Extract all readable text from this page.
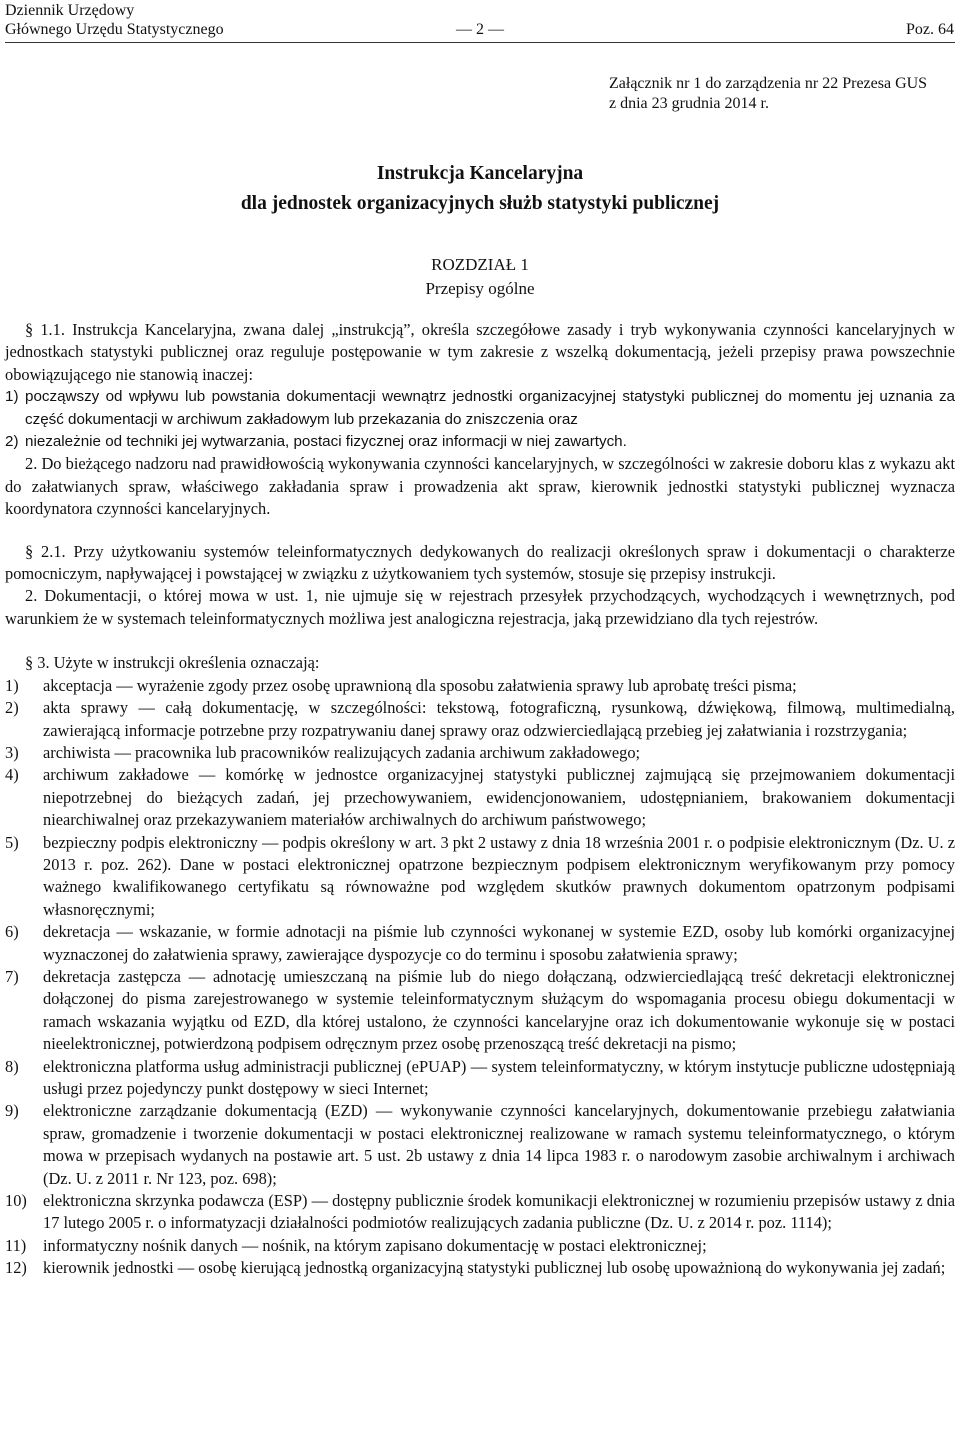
Dziennik Urzędowy
Głównego Urzędu Statystycznego	— 2 —	Poz. 64
Załącznik nr 1 do zarządzenia nr 22 Prezesa GUS
z dnia 23 grudnia 2014 r.
Instrukcja Kancelaryjna
dla jednostek organizacyjnych służb statystyki publicznej
ROZDZIAŁ 1
Przepisy ogólne

§ 1.1. Instrukcja Kancelaryjna, zwana dalej „instrukcją”, określa szczegółowe zasady i tryb wykonywania czynności kancelaryjnych w jednostkach statystyki publicznej oraz reguluje postępowanie w tym zakresie z wszelką dokumentacją, jeżeli przepisy prawa powszechnie obowiązującego nie stanowią inaczej:

1) począwszy od wpływu lub powstania dokumentacji wewnątrz jednostki organizacyjnej statystyki publicznej do momentu jej uznania za część dokumentacji w archiwum zakładowym lub przekazania do zniszczenia oraz
2) niezależnie od techniki jej wytwarzania, postaci fizycznej oraz informacji w niej zawartych.

2. Do bieżącego nadzoru nad prawidłowością wykonywania czynności kancelaryjnych, w szczególności w zakresie doboru klas z wykazu akt do załatwianych spraw, właściwego zakładania spraw i prowadzenia akt spraw, kierownik jednostki statystyki publicznej wyznacza koordynatora czynności kancelaryjnych.

§ 2.1. Przy użytkowaniu systemów teleinformatycznych dedykowanych do realizacji określonych spraw i dokumentacji o charakterze pomocniczym, napływającej i powstającej w związku z użytkowaniem tych systemów, stosuje się przepisy instrukcji.

2. Dokumentacji, o której mowa w ust. 1, nie ujmuje się w rejestrach przesyłek przychodzących, wychodzących i wewnętrznych, pod warunkiem że w systemach teleinformatycznych możliwa jest analogiczna rejestracja, jaką przewidziano dla tych rejestrów.

§ 3. Użyte w instrukcji określenia oznaczają:

1)	akceptacja — wyrażenie zgody przez osobę uprawnioną dla sposobu załatwienia sprawy lub aprobatę treści pisma;
2)	akta sprawy — całą dokumentację, w szczególności: tekstową, fotograficzną, rysunkową, dźwiękową, filmową, multimedialną, zawierającą informacje potrzebne przy rozpatrywaniu danej sprawy oraz odzwierciedlającą przebieg jej załatwiania i rozstrzygania;
3)	archiwista — pracownika lub pracowników realizujących zadania archiwum zakładowego;
4)	archiwum zakładowe — komórkę w jednostce organizacyjnej statystyki publicznej zajmującą się przejmowaniem dokumentacji niepotrzebnej do bieżących zadań, jej przechowywaniem, ewidencjonowaniem, udostępnianiem, brakowaniem dokumentacji niearchiwalnej oraz przekazywaniem materiałów archiwalnych do archiwum państwowego;
5)	bezpieczny podpis elektroniczny — podpis określony w art. 3 pkt 2 ustawy z dnia 18 września 2001 r. o podpisie elektronicznym (Dz. U. z 2013 r. poz. 262). Dane w postaci elektronicznej opatrzone bezpiecznym podpisem elektronicznym weryfikowanym przy pomocy ważnego kwalifikowanego certyfikatu są równoważne pod względem skutków prawnych dokumentom opatrzonym podpisami własnoręcznymi;
6)	dekretacja — wskazanie, w formie adnotacji na piśmie lub czynności wykonanej w systemie EZD, osoby lub komórki organizacyjnej wyznaczonej do załatwienia sprawy, zawierające dyspozycje co do terminu i sposobu załatwienia sprawy;
7)	dekretacja zastępcza — adnotację umieszczaną na piśmie lub do niego dołączaną, odzwierciedlającą treść dekretacji elektronicznej dołączonej do pisma zarejestrowanego w systemie teleinformatycznym służącym do wspomagania procesu obiegu dokumentacji w ramach wskazania wyjątku od EZD, dla której ustalono, że czynności kancelaryjne oraz ich dokumentowanie wykonuje się w postaci nieelektronicznej, potwierdzoną podpisem odręcznym przez osobę przenoszącą treść dekretacji na pismo;
8)	elektroniczna platforma usług administracji publicznej (ePUAP) — system teleinformatyczny, w którym instytucje publiczne udostępniają usługi przez pojedynczy punkt dostępowy w sieci Internet;
9)	elektroniczne zarządzanie dokumentacją (EZD) — wykonywanie czynności kancelaryjnych, dokumentowanie przebiegu załatwiania spraw, gromadzenie i tworzenie dokumentacji w postaci elektronicznej realizowane w ramach systemu teleinformatycznego, o którym mowa w przepisach wydanych na postawie art. 5 ust. 2b ustawy z dnia 14 lipca 1983 r. o narodowym zasobie archiwalnym i archiwach (Dz. U. z 2011 r. Nr 123, poz. 698);
10) elektroniczna skrzynka podawcza (ESP) — dostępny publicznie środek komunikacji elektronicznej w rozumieniu przepisów ustawy z dnia 17 lutego 2005 r. o informatyzacji działalności podmiotów realizujących zadania publiczne (Dz. U. z 2014 r. poz. 1114);
11)	informatyczny nośnik danych — nośnik, na którym zapisano dokumentację w postaci elektronicznej;
12) kierownik jednostki — osobę kierującą jednostką organizacyjną statystyki publicznej lub osobę upoważnioną do wykonywania jej zadań;
